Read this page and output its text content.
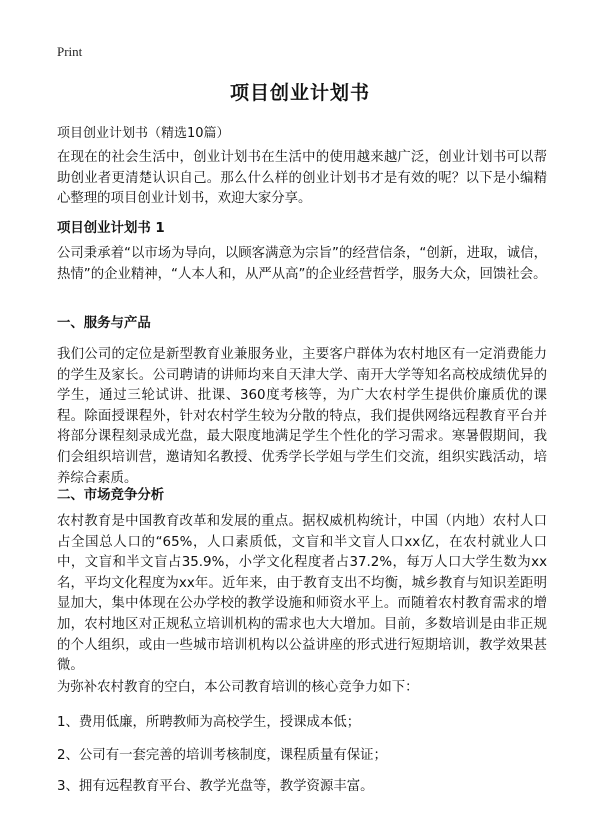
Print
项目创业计划书
项目创业计划书（精选10篇）
在现在的社会生活中，创业计划书在生活中的使用越来越广泛，创业计划书可以帮助创业者更清楚认识自己。那么什么样的创业计划书才是有效的呢？以下是小编精心整理的项目创业计划书，欢迎大家分享。
项目创业计划书 1
公司秉承着“以市场为导向，以顾客满意为宗旨”的经营信条，“创新，进取，诚信，热情”的企业精神，“人本人和，从严从高”的企业经营哲学，服务大众，回馈社会。
一、服务与产品
我们公司的定位是新型教育业兼服务业，主要客户群体为农村地区有一定消费能力的学生及家长。公司聘请的讲师均来自天津大学、南开大学等知名高校成绩优异的学生，通过三轮试讲、批课、360度考核等，为广大农村学生提供价廉质优的课程。除面授课程外，针对农村学生较为分散的特点，我们提供网络远程教育平台并将部分课程刻录成光盘，最大限度地满足学生个性化的学习需求。寒暑假期间，我们会组织培训营，邀请知名教授、优秀学长学姐与学生们交流，组织实践活动，培养综合素质。
二、市场竞争分析
农村教育是中国教育改革和发展的重点。据权威机构统计，中国（内地）农村人口占全国总人口的“65%，人口素质低，文盲和半文盲人口xx亿，在农村就业人口中，文盲和半文盲占35.9%，小学文化程度者占37.2%，每万人口大学生数为xx名，平均文化程度为xx年。近年来，由于教育支出不均衡，城乡教育与知识差距明显加大，集中体现在公办学校的教学设施和师资水平上。而随着农村教育需求的增加，农村地区对正规私立培训机构的需求也大大增加。目前，多数培训是由非正规的个人组织，或由一些城市培训机构以公益讲座的形式进行短期培训，教学效果甚微。
为弥补农村教育的空白，本公司教育培训的核心竞争力如下：
1、费用低廉，所聘教师为高校学生，授课成本低；
2、公司有一套完善的培训考核制度，课程质量有保证；
3、拥有远程教育平台、教学光盘等，教学资源丰富。
